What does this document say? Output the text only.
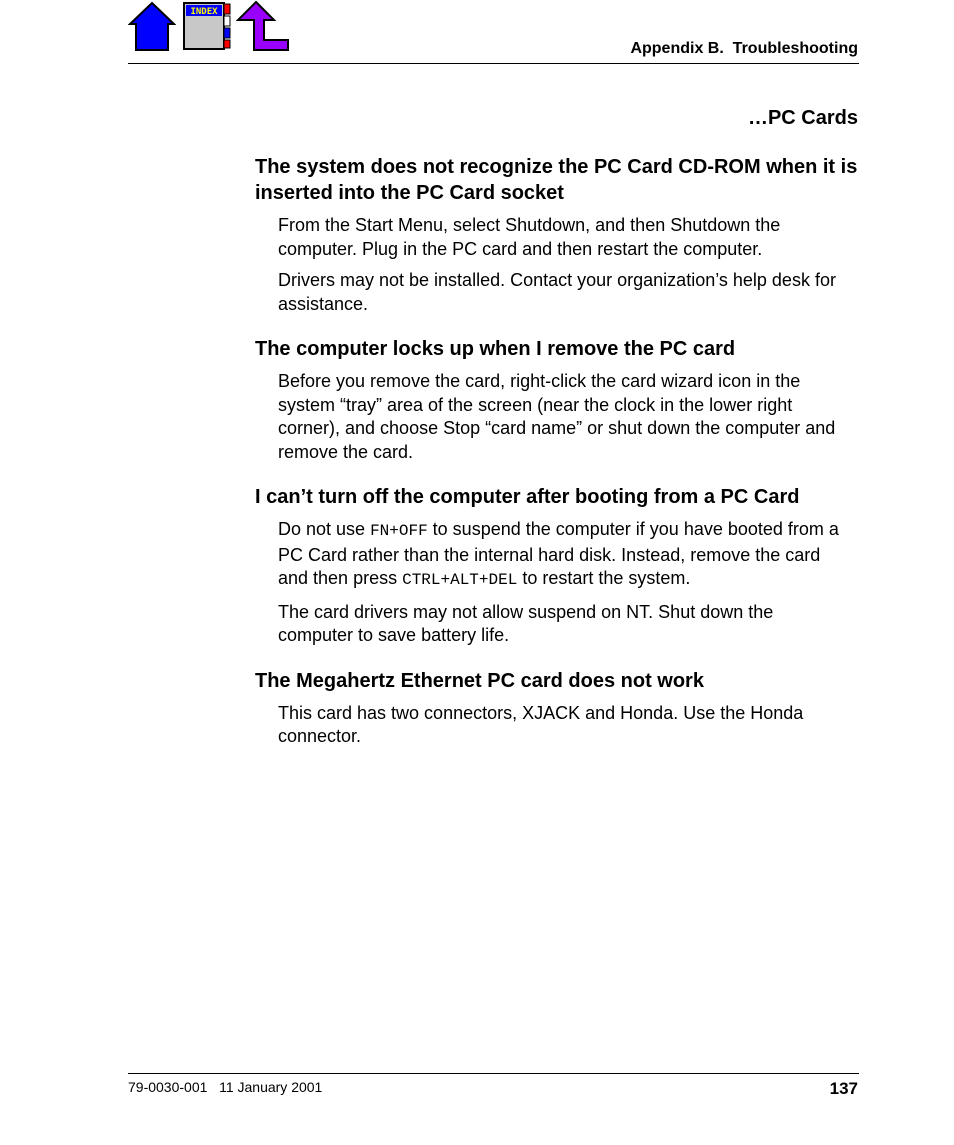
INDEX
Appendix B.  Troubleshooting
…PC Cards
The system does not recognize the PC Card CD-ROM when it is inserted into the PC Card socket

From the Start Menu, select Shutdown, and then Shutdown the computer. Plug in the PC card and then restart the computer.

Drivers may not be installed. Contact your organization’s help desk for assistance.

The computer locks up when I remove the PC card

Before you remove the card, right-click the card wizard icon in the system “tray” area of the screen (near the clock in the lower right corner), and choose Stop “card name” or shut down the computer and remove the card.

I can’t turn off the computer after booting from a PC Card

Do not use FN+OFF to suspend the computer if you have booted from a PC Card rather than the internal hard disk. Instead, remove the card and then press CTRL+ALT+DEL to restart the system.

The card drivers may not allow suspend on NT. Shut down the computer to save battery life.

The Megahertz Ethernet PC card does not work

This card has two connectors, XJACK and Honda. Use the Honda connector.

79-0030-001 11 January 2001	137
